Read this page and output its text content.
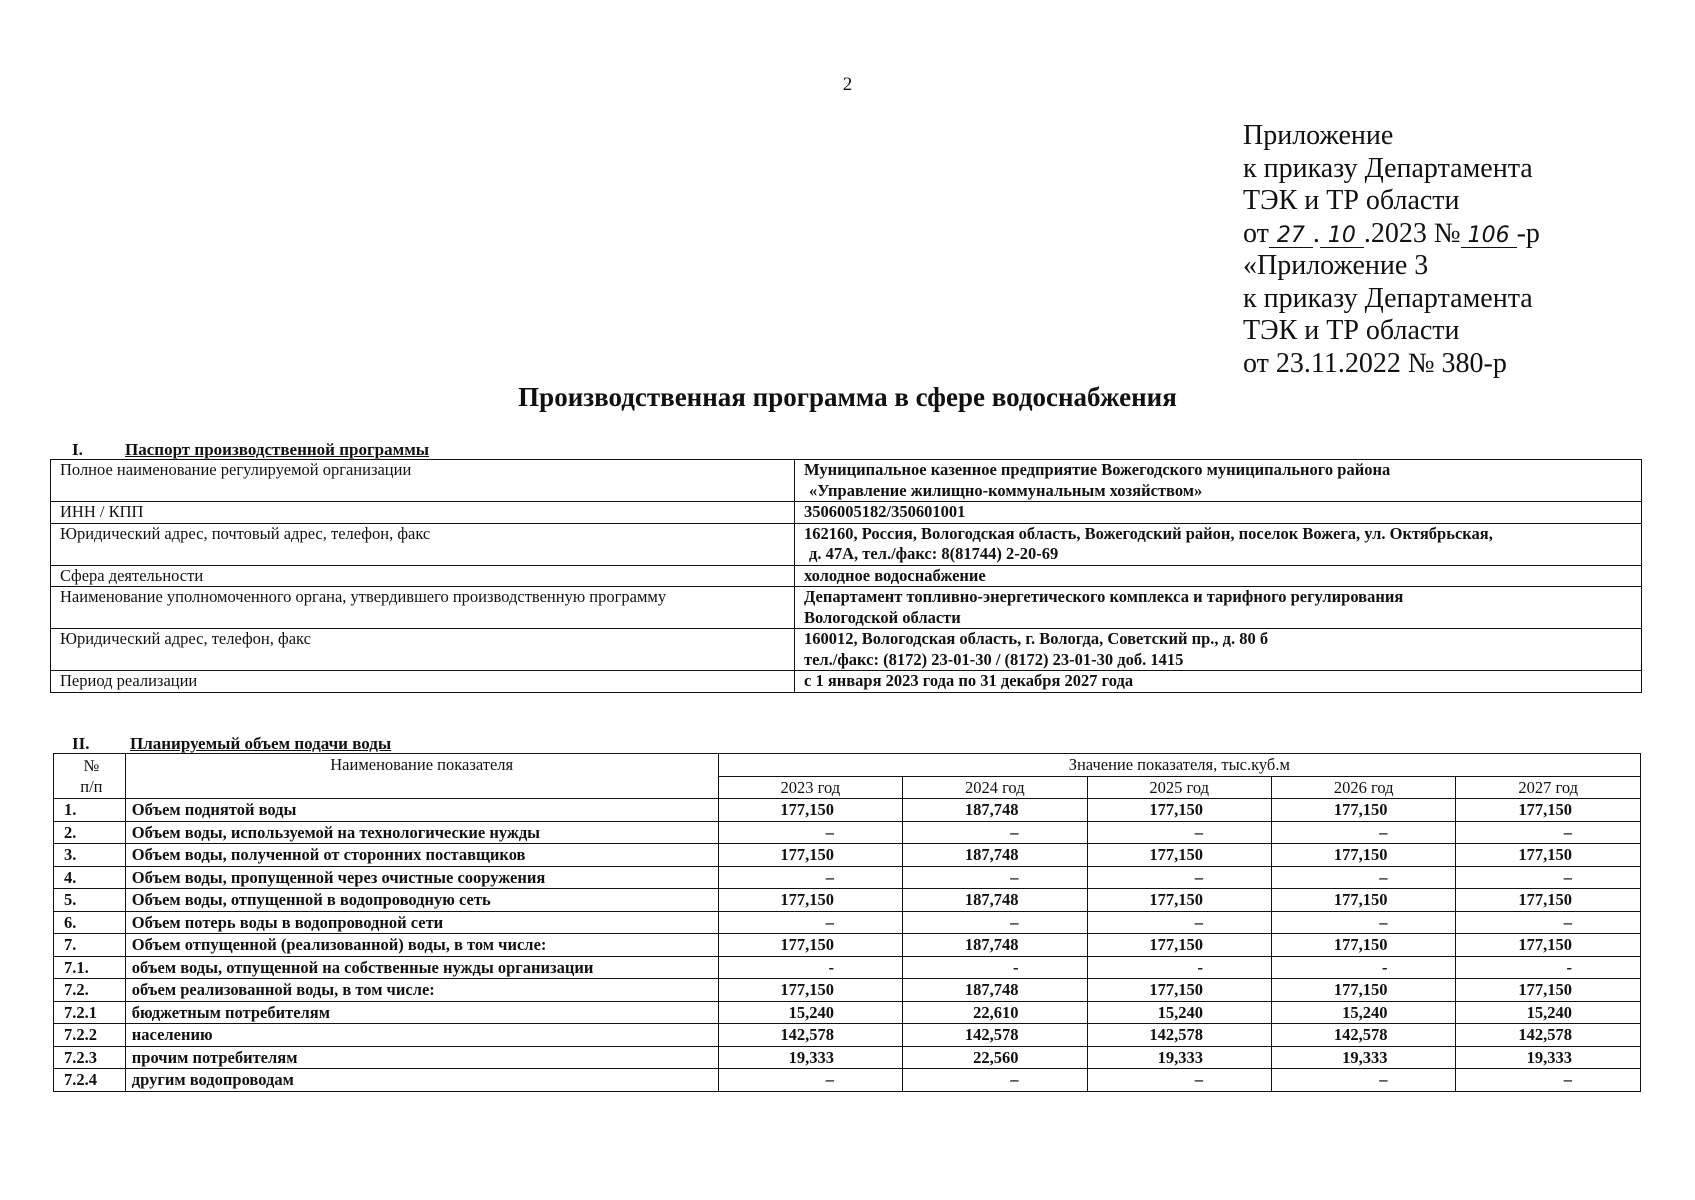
2
Приложение
к приказу Департамента
ТЭК и ТР области
от 27 . 10 .2023 № 106 -р
«Приложение 3
к приказу Департамента
ТЭК и ТР области
от 23.11.2022 № 380-р
Производственная программа в сфере водоснабжения
I. Паспорт производственной программы
Полное наименование регулируемой организации	Муниципальное казенное предприятие Вожегодского муниципального района
«Управление жилищно-коммунальным хозяйством»

ИНН / КПП	3506005182/350601001

Юридический адрес, почтовый адрес, телефон, факс	162160, Россия, Вологодская область, Вожегодский район, поселок Вожега, ул. Октябрьская,
д. 47А, тел./факс: 8(81744) 2-20-69

Сфера деятельности	холодное водоснабжение

Наименование уполномоченного органа, утвердившего производственную программу	Департамент топливно-энергетического комплекса и тарифного регулирования
Вологодской области

Юридический адрес, телефон, факс	160012, Вологодская область, г. Вологда, Советский пр., д. 80 б
тел./факс: (8172) 23-01-30 / (8172) 23-01-30 доб. 1415

Период реализации	с 1 января 2023 года по 31 декабря 2027 года
II. Планируемый объем подачи воды
№
п/п	Наименование показателя	Значение показателя, тыс.куб.м				
		2023 год	2024 год	2025 год	2026 год	2027 год
1.	Объем поднятой воды	177,150	187,748	177,150	177,150	177,150
2.	Объем воды, используемой на технологические нужды	–	–	–	–	–
3.	Объем воды, полученной от сторонних поставщиков	177,150	187,748	177,150	177,150	177,150
4.	Объем воды, пропущенной через очистные сооружения	–	–	–	–	–
5.	Объем воды, отпущенной в водопроводную сеть	177,150	187,748	177,150	177,150	177,150
6.	Объем потерь воды в водопроводной сети	–	–	–	–	–
7.	Объем отпущенной (реализованной) воды, в том числе:	177,150	187,748	177,150	177,150	177,150
7.1.	объем воды, отпущенной на собственные нужды организации	-	-	-	-	-
7.2.	объем реализованной воды, в том числе:	177,150	187,748	177,150	177,150	177,150
7.2.1	бюджетным потребителям	15,240	22,610	15,240	15,240	15,240
7.2.2	населению	142,578	142,578	142,578	142,578	142,578
7.2.3	прочим потребителям	19,333	22,560	19,333	19,333	19,333
7.2.4	другим водопроводам	–	–	–	–	–
